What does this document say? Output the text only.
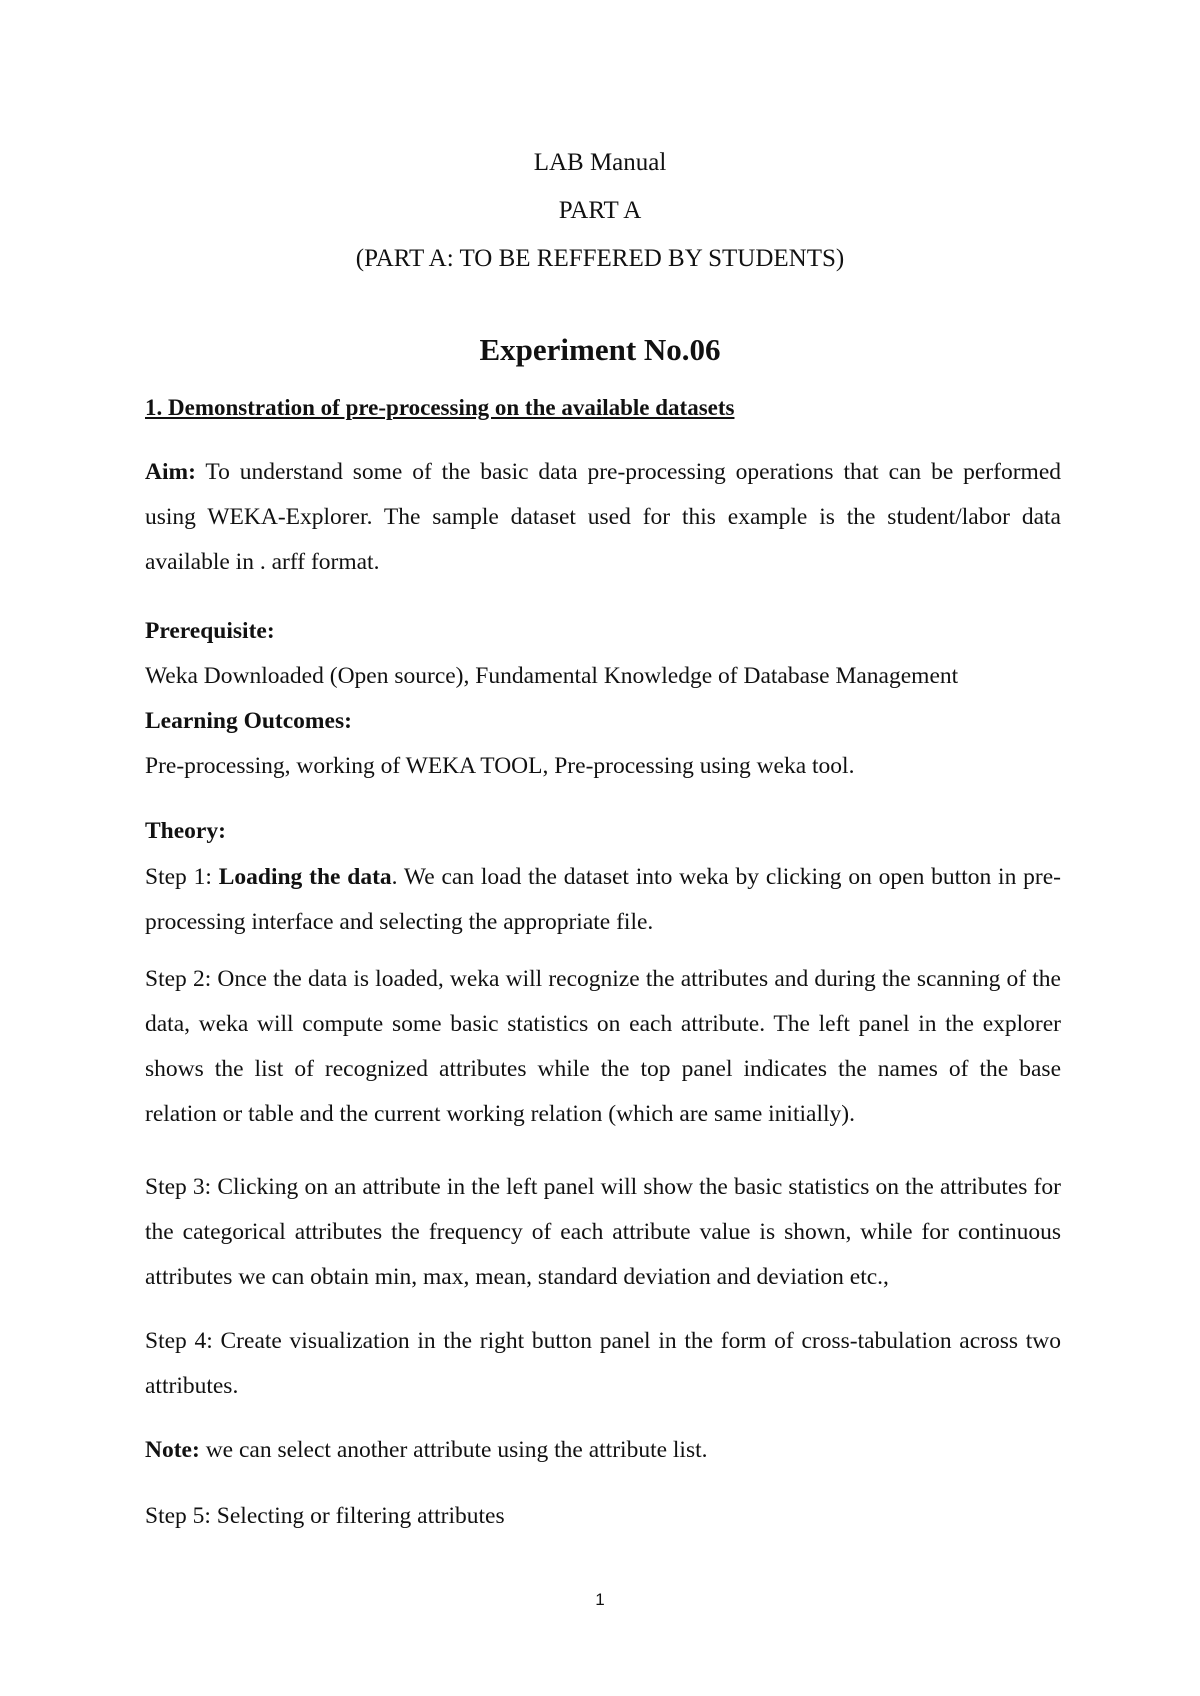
LAB Manual
PART A
(PART A: TO BE REFFERED BY STUDENTS)
Experiment No.06
1. Demonstration of pre-processing on the available datasets
Aim: To understand some of the basic data pre-processing operations that can be performed using WEKA-Explorer. The sample dataset used for this example is the student/labor data available in . arff format.
Prerequisite:
Weka Downloaded (Open source), Fundamental Knowledge of Database Management
Learning Outcomes:
Pre-processing, working of WEKA TOOL, Pre-processing using weka tool.
Theory:
Step 1: Loading the data. We can load the dataset into weka by clicking on open button in pre-processing interface and selecting the appropriate file.
Step 2: Once the data is loaded, weka will recognize the attributes and during the scanning of the data, weka will compute some basic statistics on each attribute. The left panel in the explorer shows the list of recognized attributes while the top panel indicates the names of the base relation or table and the current working relation (which are same initially).
Step 3: Clicking on an attribute in the left panel will show the basic statistics on the attributes for the categorical attributes the frequency of each attribute value is shown, while for continuous attributes we can obtain min, max, mean, standard deviation and deviation etc.,
Step 4: Create visualization in the right button panel in the form of cross-tabulation across two attributes.
Note: we can select another attribute using the attribute list.
Step 5: Selecting or filtering attributes
1
